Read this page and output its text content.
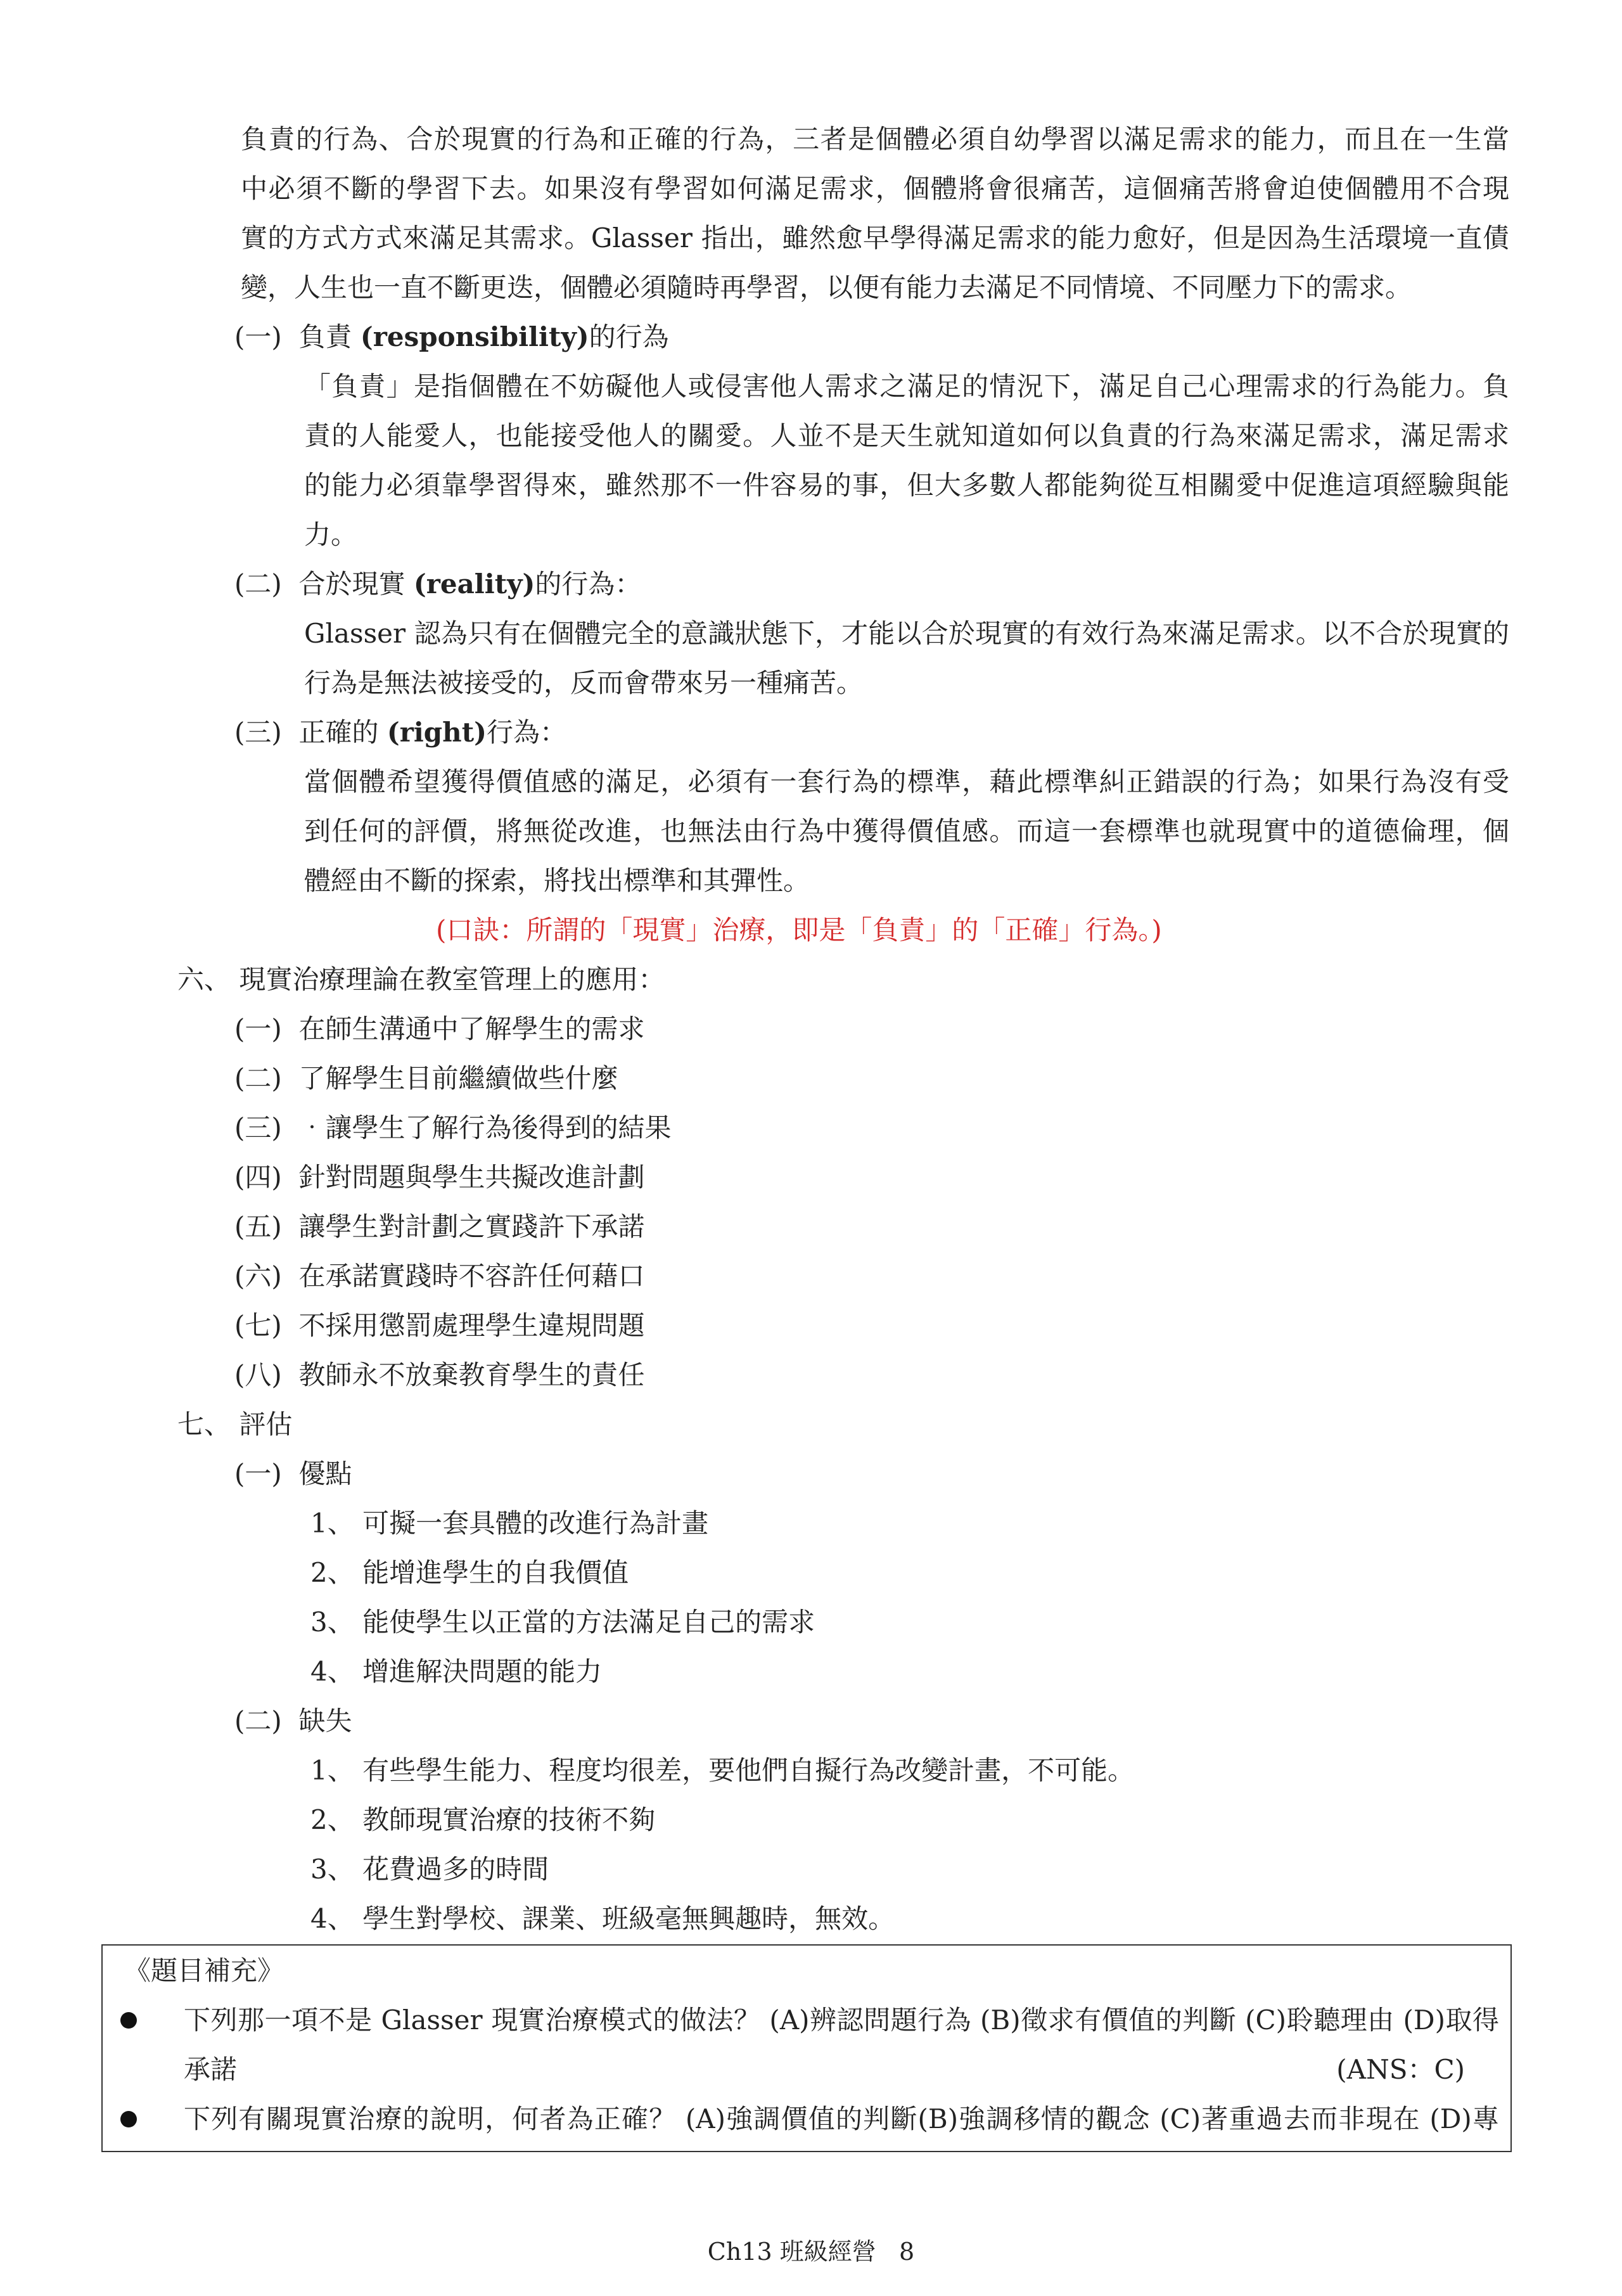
負責的行為、合於現實的行為和正確的行為，三者是個體必須自幼學習以滿足需求的能力，而且在一生當
中必須不斷的學習下去。如果沒有學習如何滿足需求，個體將會很痛苦，這個痛苦將會迫使個體用不合現
實的方式方式來滿足其需求。Glasser 指出，雖然愈早學得滿足需求的能力愈好，但是因為生活環境一直債
變，人生也一直不斷更迭，個體必須隨時再學習，以便有能力去滿足不同情境、不同壓力下的需求。
(一) 負責 (responsibility)的行為
「負責」是指個體在不妨礙他人或侵害他人需求之滿足的情況下，滿足自己心理需求的行為能力。負
責的人能愛人，也能接受他人的關愛。人並不是天生就知道如何以負責的行為來滿足需求，滿足需求
的能力必須靠學習得來，雖然那不一件容易的事，但大多數人都能夠從互相關愛中促進這項經驗與能
力。
(二) 合於現實 (reality)的行為：
Glasser 認為只有在個體完全的意識狀態下，才能以合於現實的有效行為來滿足需求。以不合於現實的
行為是無法被接受的，反而會帶來另一種痛苦。
(三) 正確的 (right)行為：
當個體希望獲得價值感的滿足，必須有一套行為的標準，藉此標準糾正錯誤的行為；如果行為沒有受
到任何的評價，將無從改進，也無法由行為中獲得價值感。而這一套標準也就現實中的道德倫理，個
體經由不斷的探索，將找出標準和其彈性。
(口訣：所謂的「現實」治療，即是「負責」的「正確」行為。)
六、 現實治療理論在教室管理上的應用：
(一) 在師生溝通中了解學生的需求
(二) 了解學生目前繼續做些什麼
(三) ‧讓學生了解行為後得到的結果
(四) 針對問題與學生共擬改進計劃
(五) 讓學生對計劃之實踐許下承諾
(六) 在承諾實踐時不容許任何藉口
(七) 不採用懲罰處理學生違規問題
(八) 教師永不放棄教育學生的責任
七、 評估
(一) 優點
1、 可擬一套具體的改進行為計畫
2、 能增進學生的自我價值
3、 能使學生以正當的方法滿足自己的需求
4、 增進解決問題的能力
(二) 缺失
1、 有些學生能力、程度均很差，要他們自擬行為改變計畫，不可能。
2、 教師現實治療的技術不夠
3、 花費過多的時間
4、 學生對學校、課業、班級毫無興趣時，無效。
《題目補充》
下列那一項不是 Glasser 現實治療模式的做法？ (A)辨認問題行為 (B)徵求有價值的判斷 (C)聆聽理由 (D)取得
承諾	(ANS：C)
下列有關現實治療的說明，何者為正確？ (A)強調價值的判斷(B)強調移情的觀念 (C)著重過去而非現在 (D)專
Ch13 班級經營 8
